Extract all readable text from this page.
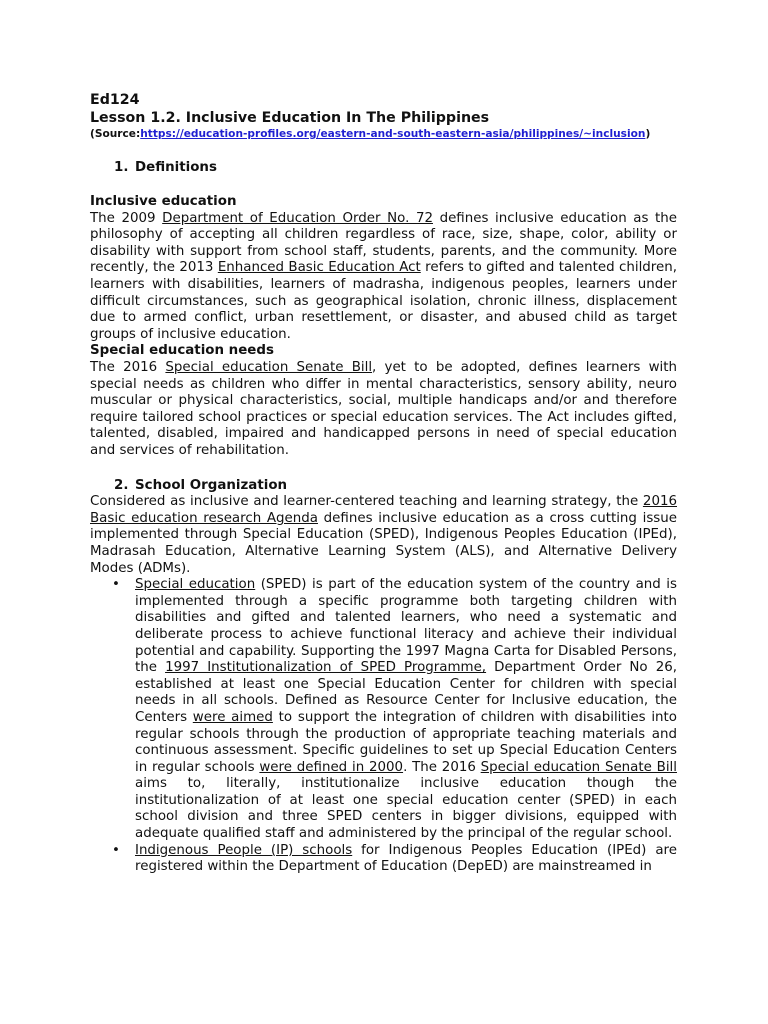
Ed124
Lesson 1.2. Inclusive Education In The Philippines
(Source:https://education-profiles.org/eastern-and-south-eastern-asia/philippines/~inclusion)
1. Definitions
Inclusive education

The 2009 Department of Education Order No. 72 defines inclusive education as the philosophy of accepting all children regardless of race, size, shape, color, ability or disability with support from school staff, students, parents, and the community. More recently, the 2013 Enhanced Basic Education Act refers to gifted and talented children, learners with disabilities, learners of madrasha, indigenous peoples, learners under difficult circumstances, such as geographical isolation, chronic illness, displacement due to armed conflict, urban resettlement, or disaster, and abused child as target groups of inclusive education.

Special education needs

The 2016 Special education Senate Bill, yet to be adopted, defines learners with special needs as children who differ in mental characteristics, sensory ability, neuro muscular or physical characteristics, social, multiple handicaps and/or and therefore require tailored school practices or special education services. The Act includes gifted, talented, disabled, impaired and handicapped persons in need of special education and services of rehabilitation.

2. School Organization

Considered as inclusive and learner-centered teaching and learning strategy, the 2016 Basic education research Agenda defines inclusive education as a cross cutting issue implemented through Special Education (SPED), Indigenous Peoples Education (IPEd), Madrasah Education, Alternative Learning System (ALS), and Alternative Delivery Modes (ADMs).

• Special education (SPED) is part of the education system of the country and is implemented through a specific programme both targeting children with disabilities and gifted and talented learners, who need a systematic and deliberate process to achieve functional literacy and achieve their individual potential and capability. Supporting the 1997 Magna Carta for Disabled Persons, the 1997 Institutionalization of SPED Programme, Department Order No 26, established at least one Special Education Center for children with special needs in all schools. Defined as Resource Center for Inclusive education, the Centers were aimed to support the integration of children with disabilities into regular schools through the production of appropriate teaching materials and continuous assessment. Specific guidelines to set up Special Education Centers in regular schools were defined in 2000. The 2016 Special education Senate Bill aims to, literally, institutionalize inclusive education though the institutionalization of at least one special education center (SPED) in each school division and three SPED centers in bigger divisions, equipped with adequate qualified staff and administered by the principal of the regular school.
• Indigenous People (IP) schools for Indigenous Peoples Education (IPEd) are registered within the Department of Education (DepED) are mainstreamed in
